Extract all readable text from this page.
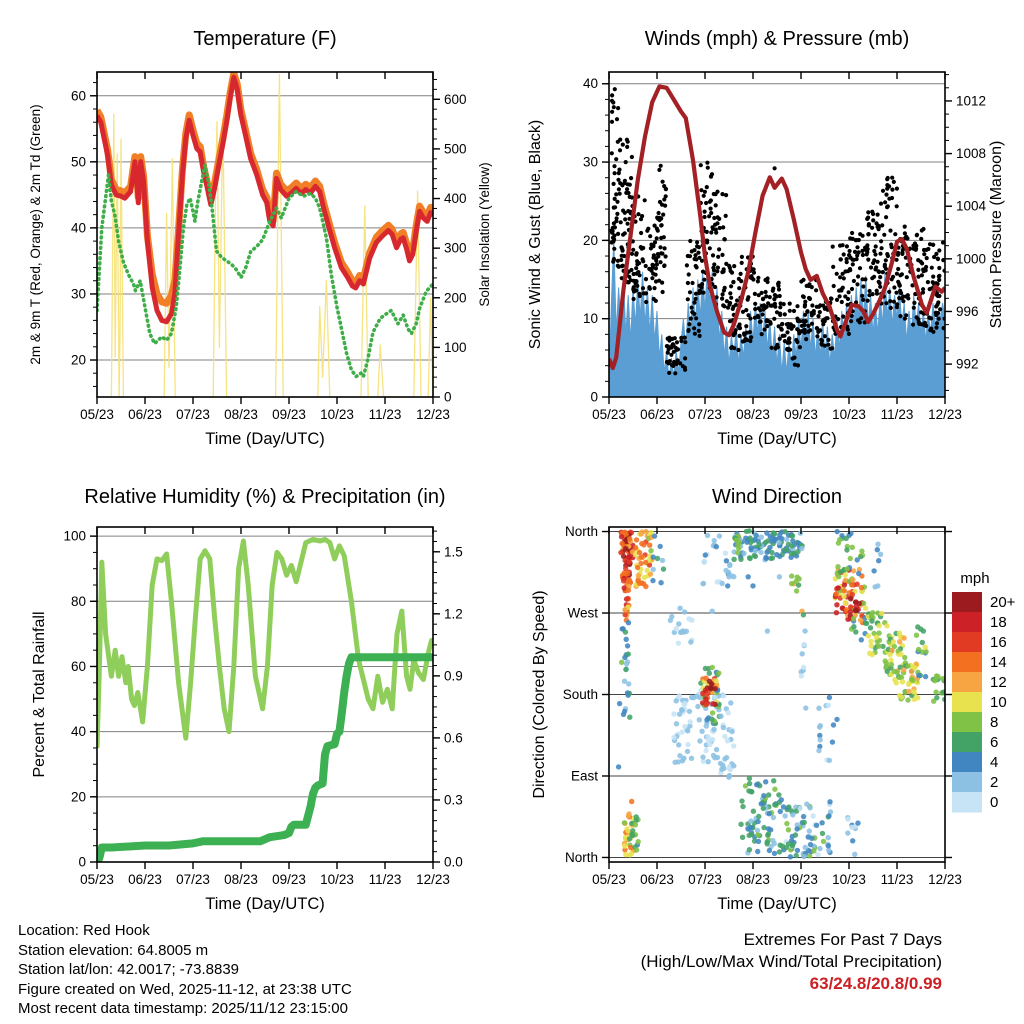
05/23 06/23 07/23 08/23 09/23 10/23 11/23 12/23
Time (Day/UTC)
20
30
40
50
60
0
100
200
300
400
500
600
Temperature (F)
2m & 9m T (Red, Orange) & 2m Td (Green)	Solar Insolation (Yellow)
05/23 06/23 07/23 08/23 09/23 10/23 11/23 12/23
Time (Day/UTC)
0
10
20
30
40
992
996
1000
1004
1008
1012
Winds (mph) & Pressure (mb)
Sonic Wind & Gust (Blue, Black)	Station Pressure (Maroon)
05/23 06/23 07/23 08/23 09/23 10/23 11/23 12/23
Time (Day/UTC)
0
20
40
60
80
100
0.0
0.3
0.6
0.9
1.2
1.5
Relative Humidity (%) & Precipitation (in)
Percent & Total Rainfall
05/23 06/23 07/23 08/23 09/23 10/23 11/23 12/23
Time (Day/UTC)
North
West
South
East
North
Wind Direction
Direction (Colored By Speed)
mph
20+
18
16
14
12
10
8
6
4
2
0
Location: Red Hook
Station elevation: 64.8005 m
Station lat/lon: 42.0017; -73.8839
Figure created on Wed, 2025-11-12, at 23:38 UTC
Most recent data timestamp: 2025/11/12 23:15:00
Extremes For Past 7 Days
(High/Low/Max Wind/Total Precipitation)
63/24.8/20.8/0.99
